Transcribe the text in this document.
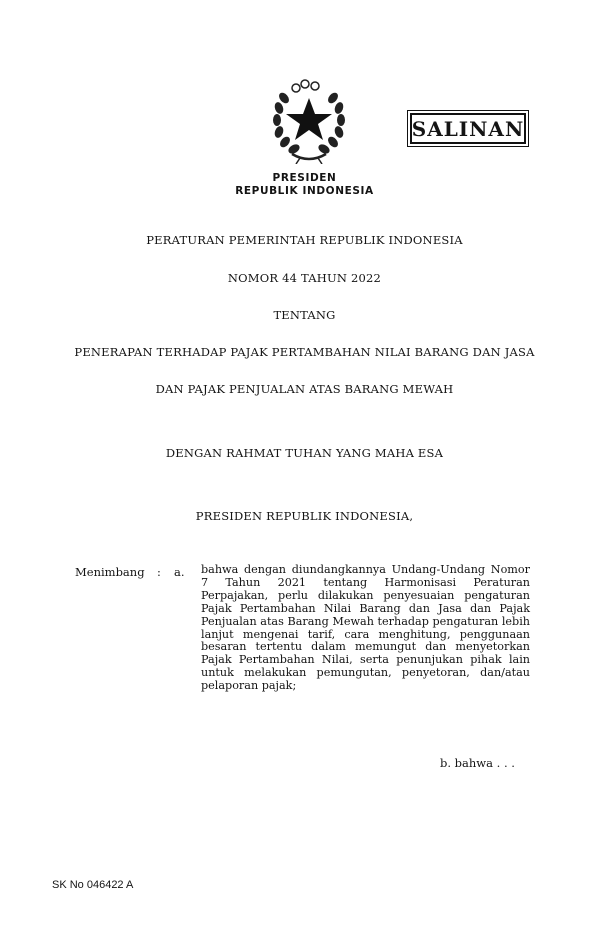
SALINAN
PRESIDEN
REPUBLIK INDONESIA
PERATURAN PEMERINTAH REPUBLIK INDONESIA
NOMOR 44 TAHUN 2022
TENTANG
PENERAPAN TERHADAP PAJAK PERTAMBAHAN NILAI BARANG DAN JASA
DAN PAJAK PENJUALAN ATAS BARANG MEWAH
DENGAN RAHMAT TUHAN YANG MAHA ESA
PRESIDEN REPUBLIK INDONESIA,
Menimbang : a. bahwa dengan diundangkannya Undang-Undang Nomor 7 Tahun 2021 tentang Harmonisasi Peraturan Perpajakan, perlu dilakukan penyesuaian pengaturan Pajak Pertambahan Nilai Barang dan Jasa dan Pajak Penjualan atas Barang Mewah terhadap pengaturan lebih lanjut mengenai tarif, cara menghitung, penggunaan besaran tertentu dalam memungut dan menyetorkan Pajak Pertambahan Nilai, serta penunjukan pihak lain untuk melakukan pemungutan, penyetoran, dan/atau pelaporan pajak;
b. bahwa . . .
SK No 046422 A
